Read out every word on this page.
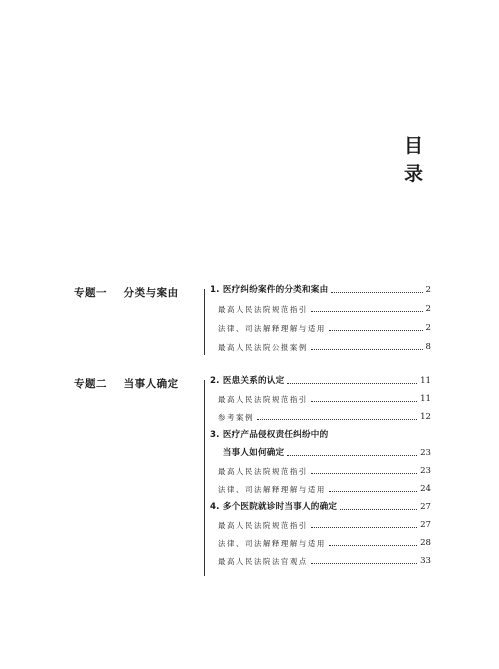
目
录
专题一    分类与案由	1. 医疗纠纷案件的分类和案由	2
最高人民法院规范指引	2
法律、司法解释理解与适用	2
最高人民法院公报案例	8
专题二    当事人确定	2. 医患关系的认定	11
最高人民法院规范指引	11
参考案例	12
3. 医疗产品侵权责任纠纷中的
当事人如何确定	23
最高人民法院规范指引	23
法律、司法解释理解与适用	24
4. 多个医院就诊时当事人的确定	27
最高人民法院规范指引	27
法律、司法解释理解与适用	28
最高人民法院法官观点	33
